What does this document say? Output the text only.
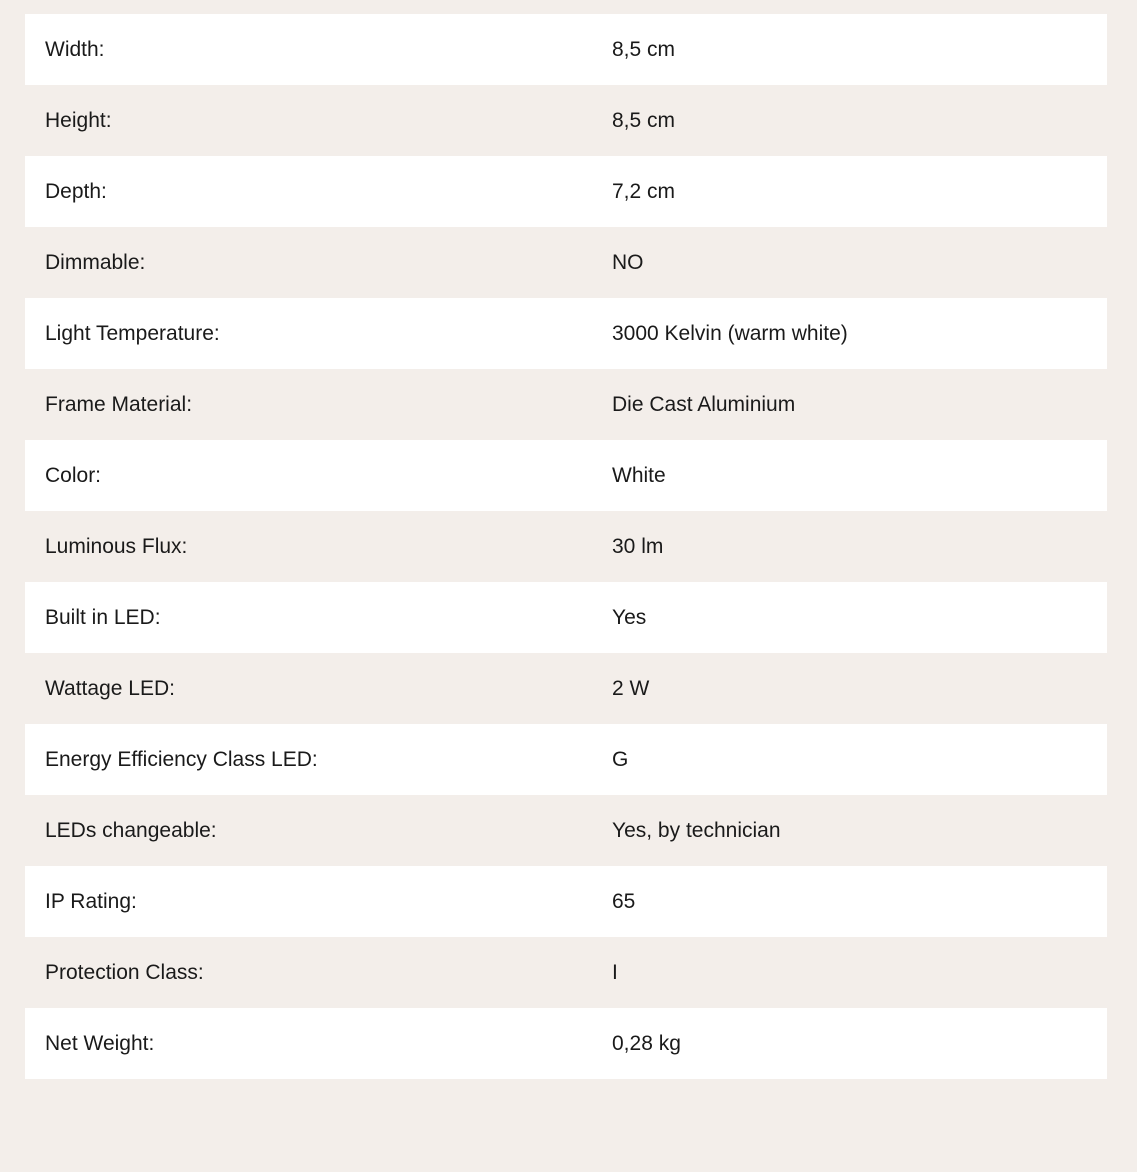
Width:	8,5 cm
Height:	8,5 cm
Depth:	7,2 cm
Dimmable:	NO
Light Temperature:	3000 Kelvin (warm white)
Frame Material:	Die Cast Aluminium
Color:	White
Luminous Flux:	30 lm
Built in LED:	Yes
Wattage LED:	2 W
Energy Efficiency Class LED:	G
LEDs changeable:	Yes, by technician
IP Rating:	65
Protection Class:	I
Net Weight:	0,28 kg
